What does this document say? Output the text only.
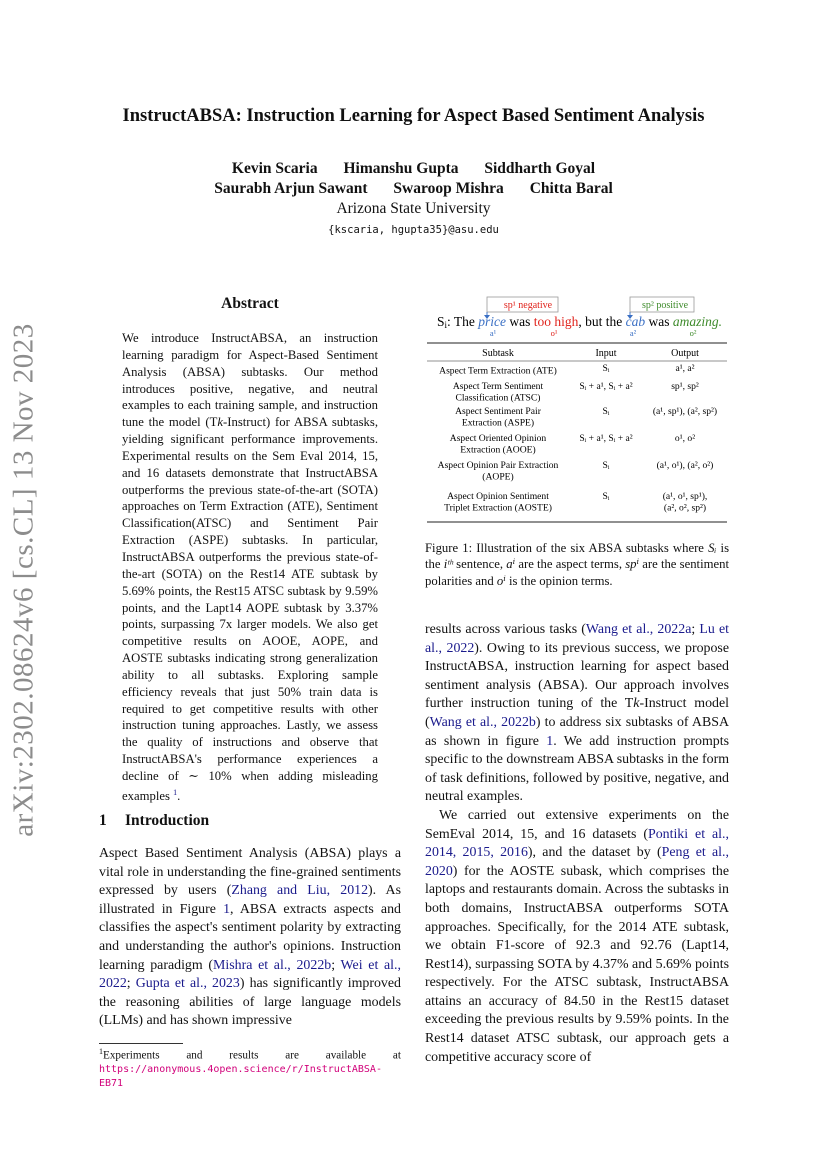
InstructABSA: Instruction Learning for Aspect Based Sentiment Analysis
Kevin Scaria Himanshu Gupta Siddharth Goyal
Saurabh Arjun Sawant Swaroop Mishra Chitta Baral
Arizona State University
{kscaria, hgupta35}@asu.edu
arXiv:2302.08624v6 [cs.CL] 13 Nov 2023
Abstract

We introduce InstructABSA, an instruction learning paradigm for Aspect-Based Sentiment Analysis (ABSA) subtasks. Our method introduces positive, negative, and neutral examples to each training sample, and instruction tune the model (Tk-Instruct) for ABSA subtasks, yielding significant performance improvements. Experimental results on the Sem Eval 2014, 15, and 16 datasets demonstrate that InstructABSA outperforms the previous state-of-the-art (SOTA) approaches on Term Extraction (ATE), Sentiment Classification(ATSC) and Sentiment Pair Extraction (ASPE) subtasks. In particular, InstructABSA outperforms the previous state-of-the-art (SOTA) on the Rest14 ATE subtask by 5.69% points, the Rest15 ATSC subtask by 9.59% points, and the Lapt14 AOPE subtask by 3.37% points, surpassing 7x larger models. We also get competitive results on AOOE, AOPE, and AOSTE subtasks indicating strong generalization ability to all subtasks. Exploring sample efficiency reveals that just 50% train data is required to get competitive results with other instruction tuning approaches. Lastly, we assess the quality of instructions and observe that InstructABSA's performance experiences a decline of ∼ 10% when adding misleading examples $^1$.

1 Introduction

Aspect Based Sentiment Analysis (ABSA) plays a vital role in understanding the fine-grained sentiments expressed by users (Zhang and Liu, 2012). As illustrated in Figure 1, ABSA extracts aspects and classifies the aspect's sentiment polarity by extracting and understanding the author's opinions. Instruction learning paradigm (Mishra et al., 2022b; Wei et al., 2022; Gupta et al., 2023) has significantly improved the reasoning abilities of large language models (LLMs) and has shown impressive

$^1$Experiments and results are available at https://anonymous.4open.science/r/InstructABSA-EB71
sp¹ negative	sp² positive
Si: The price was too high, but the cab was amazing.
a¹	o¹	a²	o²
Subtask	Input	Output
Aspect Term Extraction (ATE)	Sᵢ	a¹, a²
Aspect Term Sentiment
Classification (ATSC)
Sᵢ + a¹, Sᵢ + a²	sp¹, sp²
Aspect Sentiment Pair
Extraction (ASPE)
Sᵢ	(a¹, sp¹), (a², sp²)
Aspect Oriented Opinion
Extraction (AOOE)
Sᵢ + a¹, Sᵢ + a²	o¹, o²
Aspect Opinion Pair Extraction
(AOPE)
Sᵢ	(a¹, o¹), (a², o²)
Aspect Opinion Sentiment
Triplet Extraction (AOSTE)
Sᵢ	(a¹, o¹, sp¹),
(a², o², sp²)

Figure 1: Illustration of the six ABSA subtasks where Sᵢ is the iᵗʰ sentence, aⁱ are the aspect terms, spⁱ are the sentiment polarities and oⁱ is the opinion terms.

results across various tasks (Wang et al., 2022a; Lu et al., 2022). Owing to its previous success, we propose InstructABSA, instruction learning for aspect based sentiment analysis (ABSA). Our approach involves further instruction tuning of the Tk-Instruct model (Wang et al., 2022b) to address six subtasks of ABSA as shown in figure 1. We add instruction prompts specific to the downstream ABSA subtasks in the form of task definitions, followed by positive, negative, and neutral examples.

We carried out extensive experiments on the SemEval 2014, 15, and 16 datasets (Pontiki et al., 2014, 2015, 2016), and the dataset by (Peng et al., 2020) for the AOSTE subask, which comprises the laptops and restaurants domain. Across the subtasks in both domains, InstructABSA outperforms SOTA approaches. Specifically, for the 2014 ATE subtask, we obtain F1-score of 92.3 and 92.76 (Lapt14, Rest14), surpassing SOTA by 4.37% and 5.69% points respectively. For the ATSC subtask, InstructABSA attains an accuracy of 84.50 in the Rest15 dataset exceeding the previous results by 9.59% points. In the Rest14 dataset ATSC subtask, our approach gets a competitive accuracy score of
